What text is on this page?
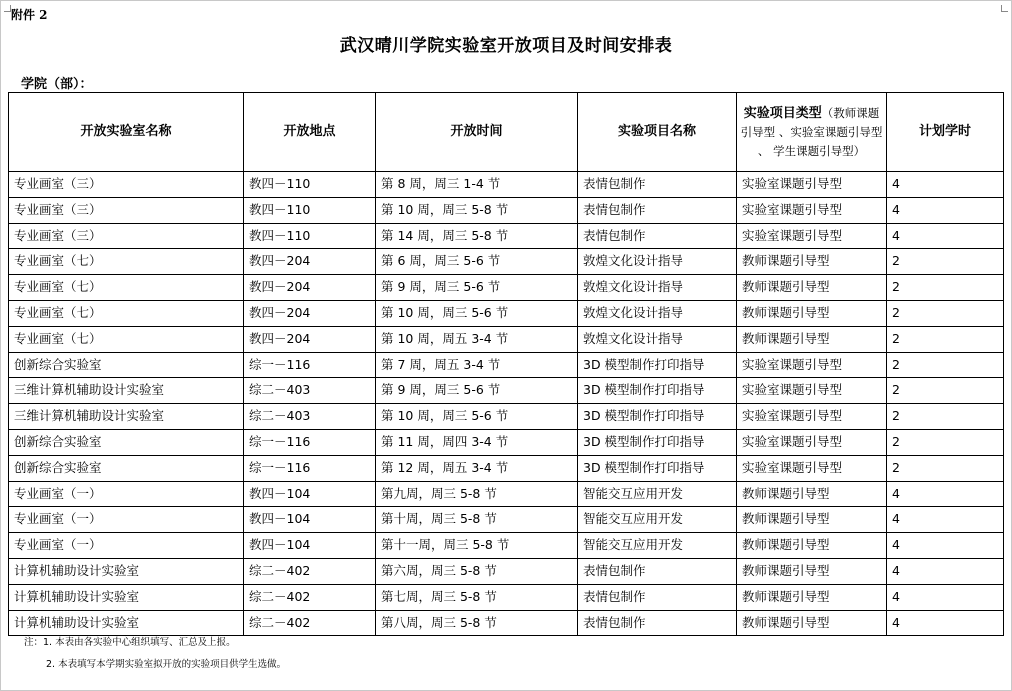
附件 2
武汉晴川学院实验室开放项目及时间安排表
学院（部）：
开放实验室名称	开放地点	开放时间	实验项目名称	实验项目类型（教师课题引导型 、实验室课题引导型 、 学生课题引导型）	计划学时
专业画室（三）	教四－110	第 8 周，周三 1-4 节	表情包制作	实验室课题引导型	4
专业画室（三）	教四－110	第 10 周，周三 5-8 节	表情包制作	实验室课题引导型	4
专业画室（三）	教四－110	第 14 周，周三 5-8 节	表情包制作	实验室课题引导型	4
专业画室（七）	教四－204	第 6 周，周三 5-6 节	敦煌文化设计指导	教师课题引导型	2
专业画室（七）	教四－204	第 9 周，周三 5-6 节	敦煌文化设计指导	教师课题引导型	2
专业画室（七）	教四－204	第 10 周，周三 5-6 节	敦煌文化设计指导	教师课题引导型	2
专业画室（七）	教四－204	第 10 周，周五 3-4 节	敦煌文化设计指导	教师课题引导型	2
创新综合实验室	综一－116	第 7 周，周五 3-4 节	3D 模型制作打印指导	实验室课题引导型	2
三维计算机辅助设计实验室	综二－403	第 9 周，周三 5-6 节	3D 模型制作打印指导	实验室课题引导型	2
三维计算机辅助设计实验室	综二－403	第 10 周，周三 5-6 节	3D 模型制作打印指导	实验室课题引导型	2
创新综合实验室	综一－116	第 11 周，周四 3-4 节	3D 模型制作打印指导	实验室课题引导型	2
创新综合实验室	综一－116	第 12 周，周五 3-4 节	3D 模型制作打印指导	实验室课题引导型	2
专业画室（一）	教四－104	第九周，周三 5-8 节	智能交互应用开发	教师课题引导型	4
专业画室（一）	教四－104	第十周，周三 5-8 节	智能交互应用开发	教师课题引导型	4
专业画室（一）	教四－104	第十一周，周三 5-8 节	智能交互应用开发	教师课题引导型	4
计算机辅助设计实验室	综二－402	第六周，周三 5-8 节	表情包制作	教师课题引导型	4
计算机辅助设计实验室	综二－402	第七周，周三 5-8 节	表情包制作	教师课题引导型	4
计算机辅助设计实验室	综二－402	第八周，周三 5-8 节	表情包制作	教师课题引导型	4
注：1. 本表由各实验中心组织填写、汇总及上报。
2. 本表填写本学期实验室拟开放的实验项目供学生选做。
